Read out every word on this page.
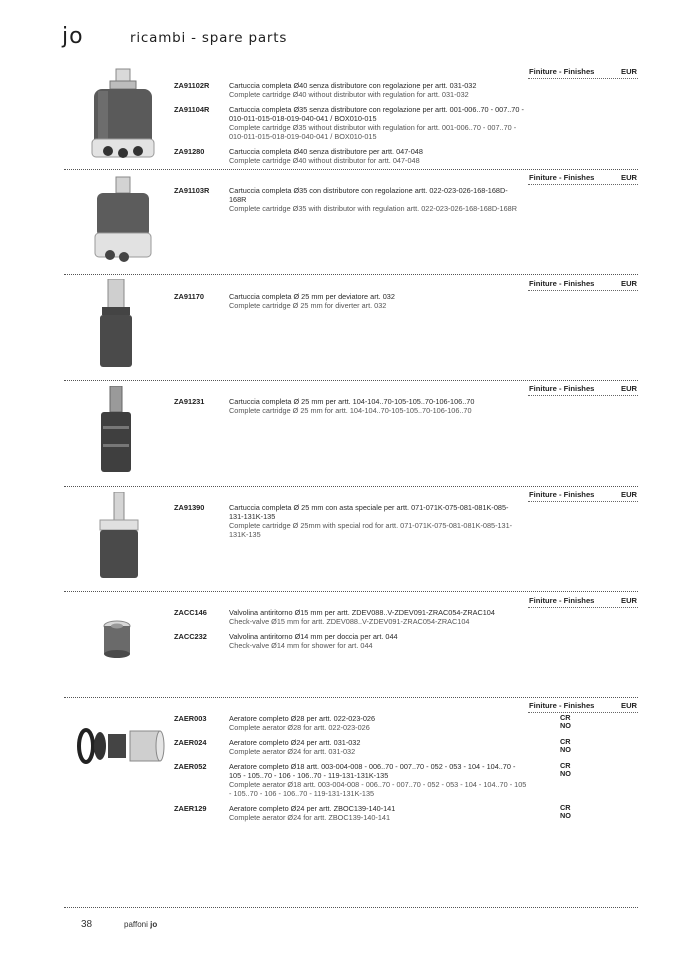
jo	ricambi - spare parts
Finiture - Finishes	EUR
ZA91102R	Cartuccia completa Ø40 senza distributore con regolazione per artt. 031-032
Complete cartridge Ø40 without distributor with regulation for artt. 031-032
ZA91104R	Cartuccia completa Ø35 senza distributore con regolazione per artt. 001-006..70 - 007..70 - 010-011-015-018-019-040-041 / BOX010-015
Complete cartridge Ø35 without distributor with regulation for artt. 001-006..70 - 007..70 - 010-011-015-018-019-040-041 / BOX010-015
ZA91280	Cartuccia completa Ø40 senza distributore per artt. 047-048
Complete cartridge Ø40 without distributor for artt. 047-048
Finiture - Finishes	EUR
ZA91103R	Cartuccia completa Ø35 con distributore con regolazione artt. 022-023-026-168-168D-168R
Complete cartridge Ø35 with distributor with regulation artt. 022-023-026-168-168D-168R
Finiture - Finishes	EUR
ZA91170	Cartuccia completa Ø 25 mm per deviatore art. 032
Complete cartridge Ø 25 mm for diverter art. 032
Finiture - Finishes	EUR
ZA91231	Cartuccia completa Ø 25 mm per artt. 104-104..70-105-105..70-106-106..70
Complete cartridge Ø 25 mm for artt. 104-104..70-105-105..70-106-106..70
Finiture - Finishes	EUR
ZA91390	Cartuccia completa Ø 25 mm con asta speciale per artt. 071-071K-075-081-081K-085-131-131K-135
Complete cartridge Ø 25mm with special rod for artt. 071-071K-075-081-081K-085-131-131K-135
Finiture - Finishes	EUR
ZACC146	Valvolina antiritorno Ø15 mm per artt. ZDEV088..V-ZDEV091-ZRAC054-ZRAC104
Check-valve Ø15 mm for artt. ZDEV088..V-ZDEV091-ZRAC054-ZRAC104
ZACC232	Valvolina antiritorno Ø14 mm per doccia per art. 044
Check-valve Ø14 mm for shower for art. 044
Finiture - Finishes	EUR
ZAER003	Aeratore completo Ø28 per artt. 022-023-026
Complete aerator Ø28 for artt. 022-023-026
CR
NO
ZAER024	Aeratore completo Ø24 per artt. 031-032
Complete aerator Ø24 for artt. 031-032
CR
NO
ZAER052	Aeratore completo Ø18 artt. 003-004-008 - 006..70 - 007..70 - 052 - 053 - 104 - 104..70 - 105 - 105..70 - 106 - 106..70 - 119-131-131K-135
Complete aerator Ø18 artt. 003-004-008 - 006..70 - 007..70 - 052 - 053 - 104 - 104..70 - 105 - 105..70 - 106 - 106..70 - 119-131-131K-135
CR
NO
ZAER129	Aeratore completo Ø24 per artt. ZBOC139-140-141
Complete aerator Ø24 for artt. ZBOC139-140-141
CR
NO
38	paffoni jo
